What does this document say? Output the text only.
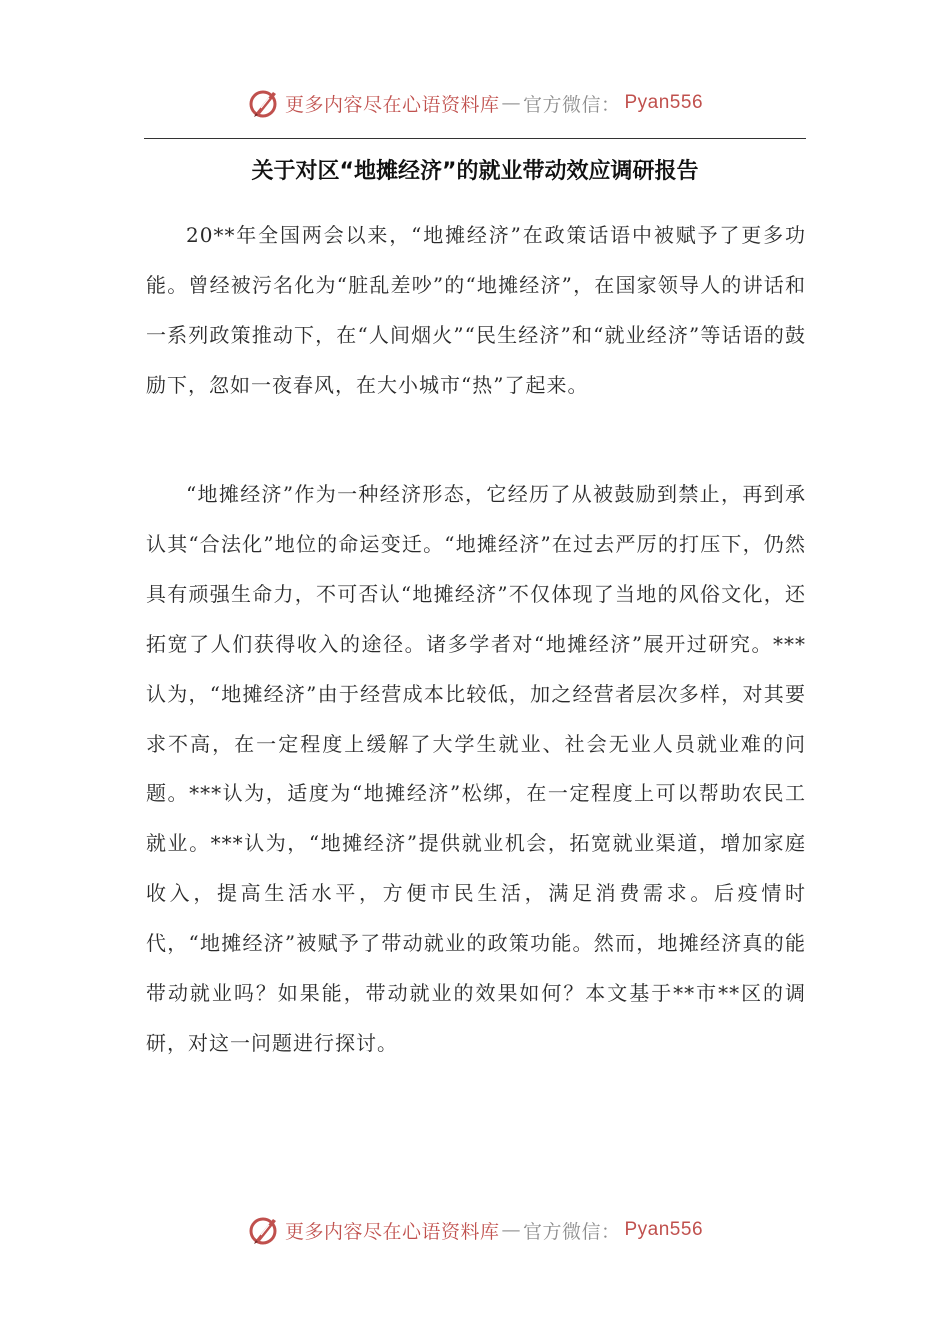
更多内容尽在心语资料库 — 官方微信： Pyan556
关于对区“地摊经济”的就业带动效应调研报告

20**年全国两会以来，“地摊经济”在政策话语中被赋予了更多功能。曾经被污名化为“脏乱差吵”的“地摊经济”，在国家领导人的讲话和一系列政策推动下，在“人间烟火”“民生经济”和“就业经济”等话语的鼓励下，忽如一夜春风，在大小城市“热”了起来。

“地摊经济”作为一种经济形态，它经历了从被鼓励到禁止，再到承认其“合法化”地位的命运变迁。“地摊经济”在过去严厉的打压下，仍然具有顽强生命力，不可否认“地摊经济”不仅体现了当地的风俗文化，还拓宽了人们获得收入的途径。诸多学者对“地摊经济”展开过研究。***认为，“地摊经济”由于经营成本比较低，加之经营者层次多样，对其要求不高，在一定程度上缓解了大学生就业、社会无业人员就业难的问题。***认为，适度为“地摊经济”松绑，在一定程度上可以帮助农民工就业。***认为，“地摊经济”提供就业机会，拓宽就业渠道，增加家庭收入，提高生活水平，方便市民生活，满足消费需求。后疫情时代，“地摊经济”被赋予了带动就业的政策功能。然而，地摊经济真的能带动就业吗？如果能，带动就业的效果如何？本文基于**市**区的调研，对这一问题进行探讨。

更多内容尽在心语资料库 — 官方微信： Pyan556
